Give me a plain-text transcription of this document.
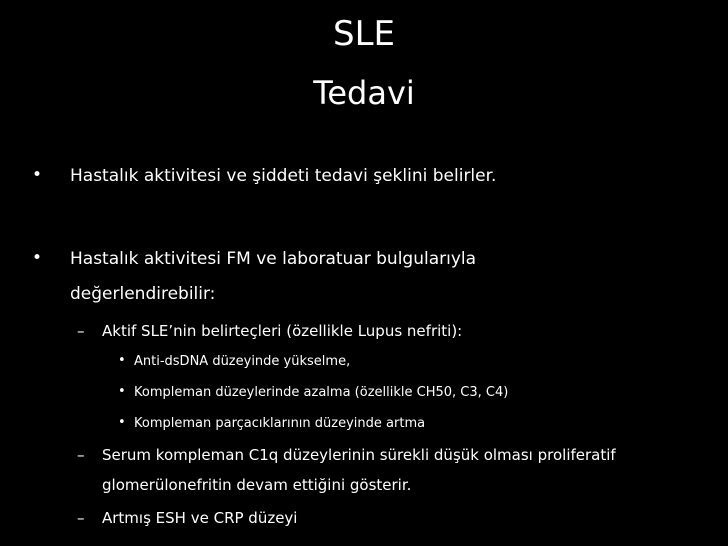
SLE
Tedavi
• Hastalık aktivitesi ve şiddeti tedavi şeklini belirler.
• Hastalık aktivitesi FM ve laboratuar bulgularıyla
değerlendirebilir:
– Aktif SLE’nin belirteçleri (özellikle Lupus nefriti):
• Anti-dsDNA düzeyinde yükselme,
• Kompleman düzeylerinde azalma (özellikle CH50, C3, C4)
• Kompleman parçacıklarının düzeyinde artma
– Serum kompleman C1q düzeylerinin sürekli düşük olması proliferatif
glomerülonefritin devam ettiğini gösterir.
– Artmış ESH ve CRP düzeyi
